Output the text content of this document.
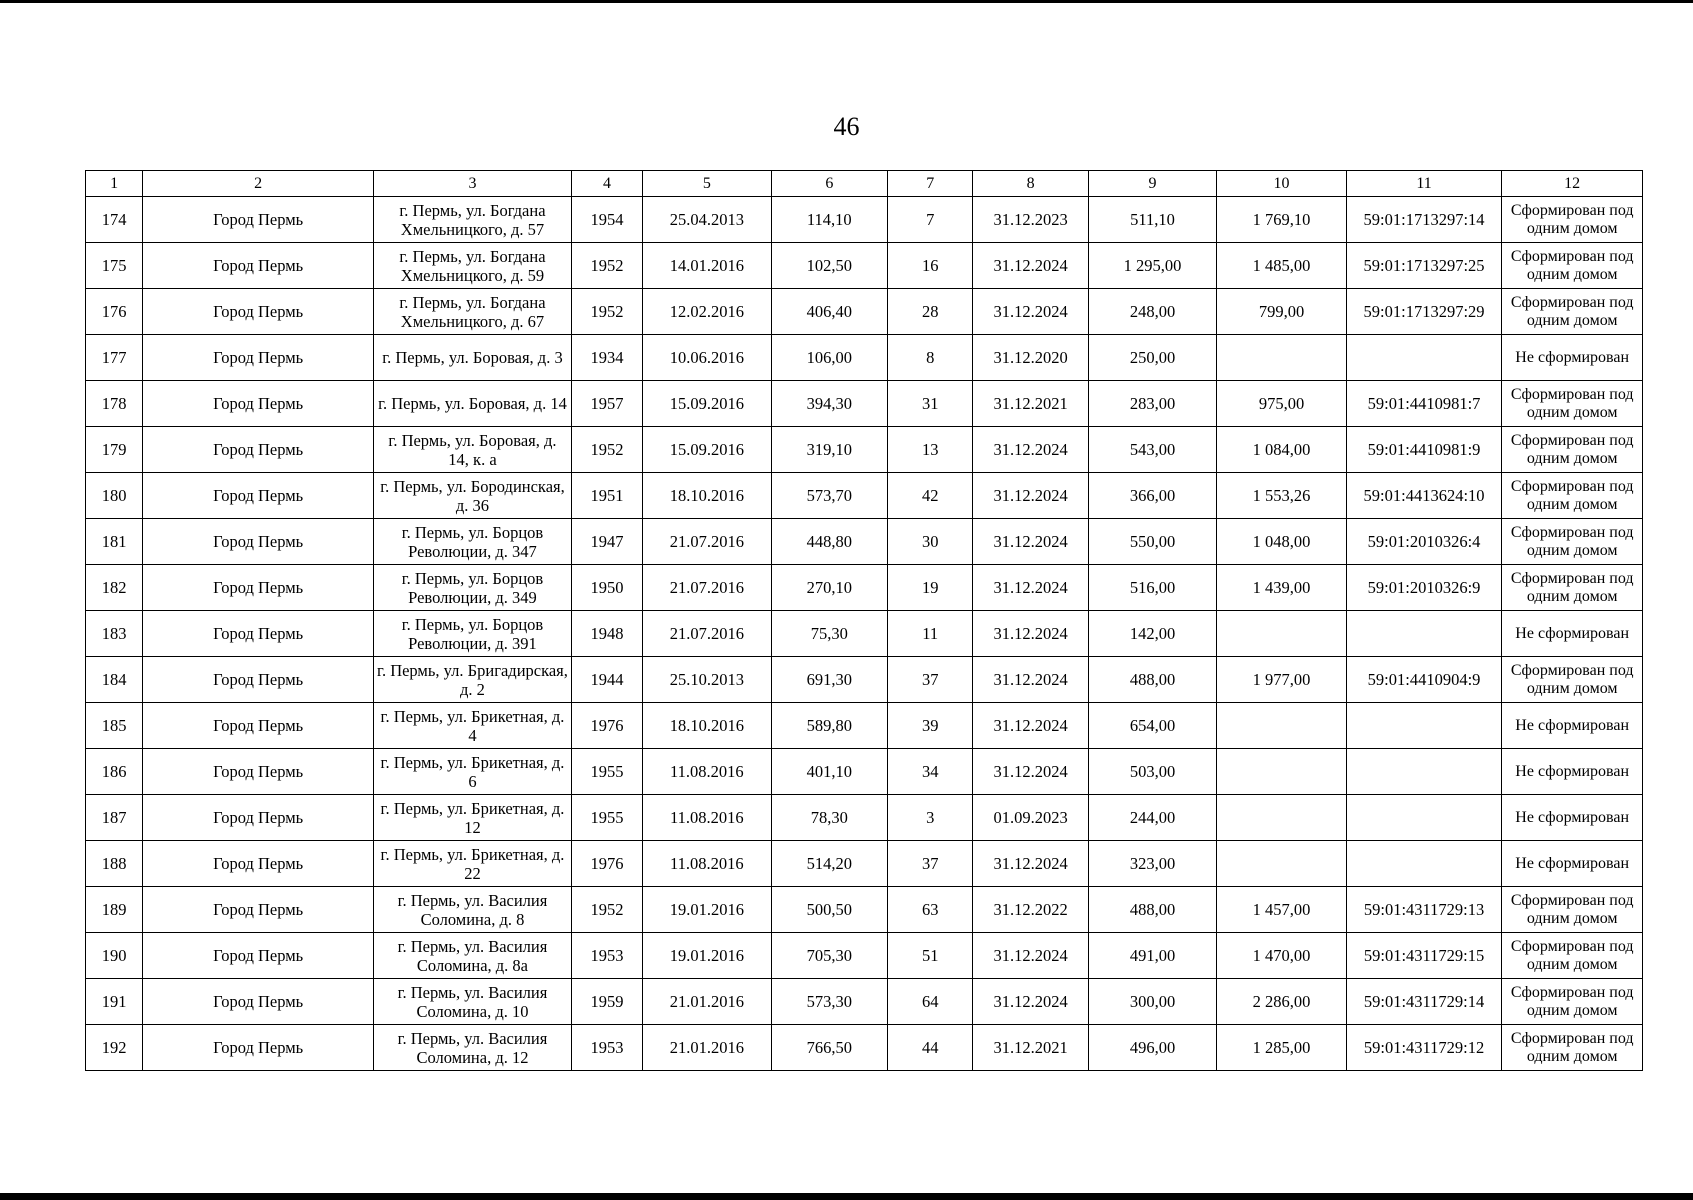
46
1	2	3	4	5	6	7	8	9	10	11	12
174	Город Пермь	г. Пермь, ул. Богдана Хмельницкого, д. 57	1954	25.04.2013	114,10	7	31.12.2023	511,10	1 769,10	59:01:1713297:14	Сформирован под одним домом
175	Город Пермь	г. Пермь, ул. Богдана Хмельницкого, д. 59	1952	14.01.2016	102,50	16	31.12.2024	1 295,00	1 485,00	59:01:1713297:25	Сформирован под одним домом
176	Город Пермь	г. Пермь, ул. Богдана Хмельницкого, д. 67	1952	12.02.2016	406,40	28	31.12.2024	248,00	799,00	59:01:1713297:29	Сформирован под одним домом
177	Город Пермь	г. Пермь, ул. Боровая, д. 3	1934	10.06.2016	106,00	8	31.12.2020	250,00			Не сформирован
178	Город Пермь	г. Пермь, ул. Боровая, д. 14	1957	15.09.2016	394,30	31	31.12.2021	283,00	975,00	59:01:4410981:7	Сформирован под одним домом
179	Город Пермь	г. Пермь, ул. Боровая, д. 14, к. а	1952	15.09.2016	319,10	13	31.12.2024	543,00	1 084,00	59:01:4410981:9	Сформирован под одним домом
180	Город Пермь	г. Пермь, ул. Бородинская, д. 36	1951	18.10.2016	573,70	42	31.12.2024	366,00	1 553,26	59:01:4413624:10	Сформирован под одним домом
181	Город Пермь	г. Пермь, ул. Борцов Революции, д. 347	1947	21.07.2016	448,80	30	31.12.2024	550,00	1 048,00	59:01:2010326:4	Сформирован под одним домом
182	Город Пермь	г. Пермь, ул. Борцов Революции, д. 349	1950	21.07.2016	270,10	19	31.12.2024	516,00	1 439,00	59:01:2010326:9	Сформирован под одним домом
183	Город Пермь	г. Пермь, ул. Борцов Революции, д. 391	1948	21.07.2016	75,30	11	31.12.2024	142,00			Не сформирован
184	Город Пермь	г. Пермь, ул. Бригадирская, д. 2	1944	25.10.2013	691,30	37	31.12.2024	488,00	1 977,00	59:01:4410904:9	Сформирован под одним домом
185	Город Пермь	г. Пермь, ул. Брикетная, д. 4	1976	18.10.2016	589,80	39	31.12.2024	654,00			Не сформирован
186	Город Пермь	г. Пермь, ул. Брикетная, д. 6	1955	11.08.2016	401,10	34	31.12.2024	503,00			Не сформирован
187	Город Пермь	г. Пермь, ул. Брикетная, д. 12	1955	11.08.2016	78,30	3	01.09.2023	244,00			Не сформирован
188	Город Пермь	г. Пермь, ул. Брикетная, д. 22	1976	11.08.2016	514,20	37	31.12.2024	323,00			Не сформирован
189	Город Пермь	г. Пермь, ул. Василия Соломина, д. 8	1952	19.01.2016	500,50	63	31.12.2022	488,00	1 457,00	59:01:4311729:13	Сформирован под одним домом
190	Город Пермь	г. Пермь, ул. Василия Соломина, д. 8а	1953	19.01.2016	705,30	51	31.12.2024	491,00	1 470,00	59:01:4311729:15	Сформирован под одним домом
191	Город Пермь	г. Пермь, ул. Василия Соломина, д. 10	1959	21.01.2016	573,30	64	31.12.2024	300,00	2 286,00	59:01:4311729:14	Сформирован под одним домом
192	Город Пермь	г. Пермь, ул. Василия Соломина, д. 12	1953	21.01.2016	766,50	44	31.12.2021	496,00	1 285,00	59:01:4311729:12	Сформирован под одним домом
